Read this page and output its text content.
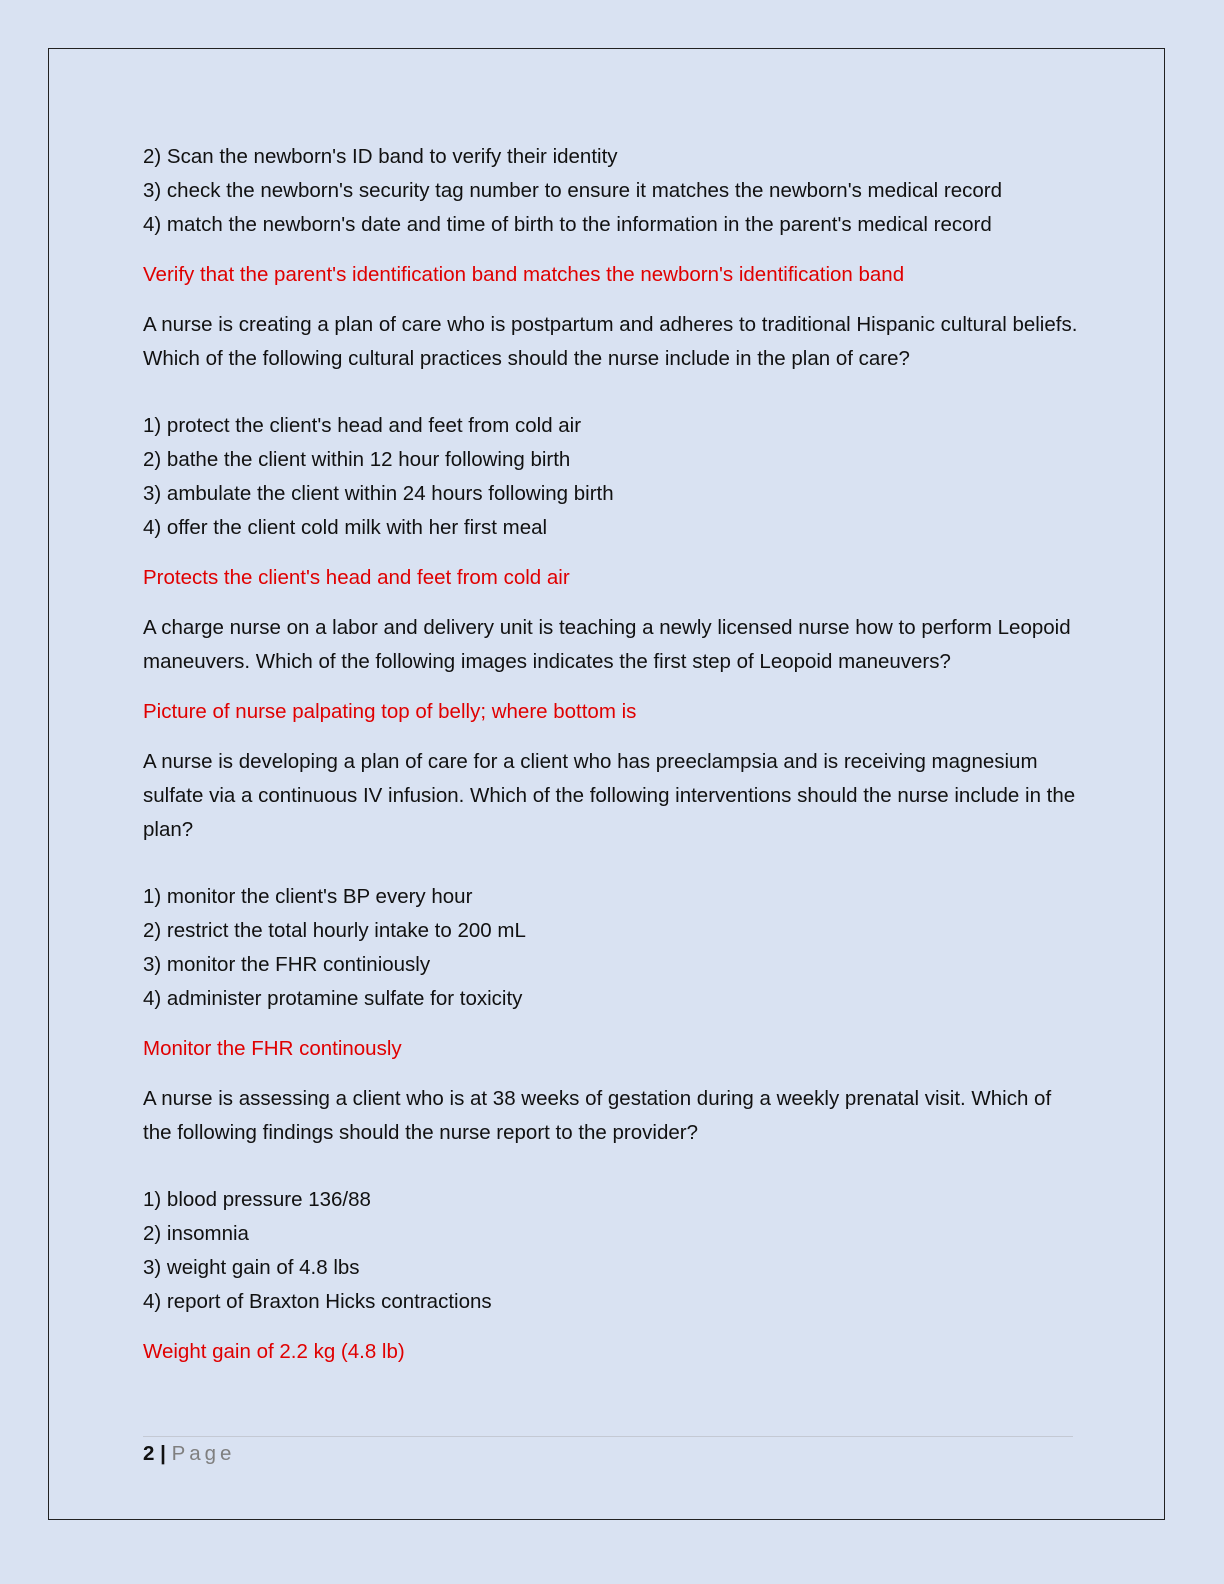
2) Scan the newborn's ID band to verify their identity

3) check the newborn's security tag number to ensure it matches the newborn's medical record

4) match the newborn's date and time of birth to the information in the parent's medical record

Verify that the parent's identification band matches the newborn's identification band

A nurse is creating a plan of care who is postpartum and adheres to traditional Hispanic cultural beliefs. Which of the following cultural practices should the nurse include in the plan of care?

1) protect the client's head and feet from cold air

2) bathe the client within 12 hour following birth

3) ambulate the client within 24 hours following birth

4) offer the client cold milk with her first meal

Protects the client's head and feet from cold air

A charge nurse on a labor and delivery unit is teaching a newly licensed nurse how to perform Leopoid maneuvers. Which of the following images indicates the first step of Leopoid maneuvers?

Picture of nurse palpating top of belly; where bottom is

A nurse is developing a plan of care for a client who has preeclampsia and is receiving magnesium sulfate via a continuous IV infusion. Which of the following interventions should the nurse include in the plan?

1) monitor the client's BP every hour

2) restrict the total hourly intake to 200 mL

3) monitor the FHR continiously

4) administer protamine sulfate for toxicity

Monitor the FHR continously

A nurse is assessing a client who is at 38 weeks of gestation during a weekly prenatal visit. Which of the following findings should the nurse report to the provider?

1) blood pressure 136/88

2) insomnia

3) weight gain of 4.8 lbs

4) report of Braxton Hicks contractions

Weight gain of 2.2 kg (4.8 lb)

2 | Page
